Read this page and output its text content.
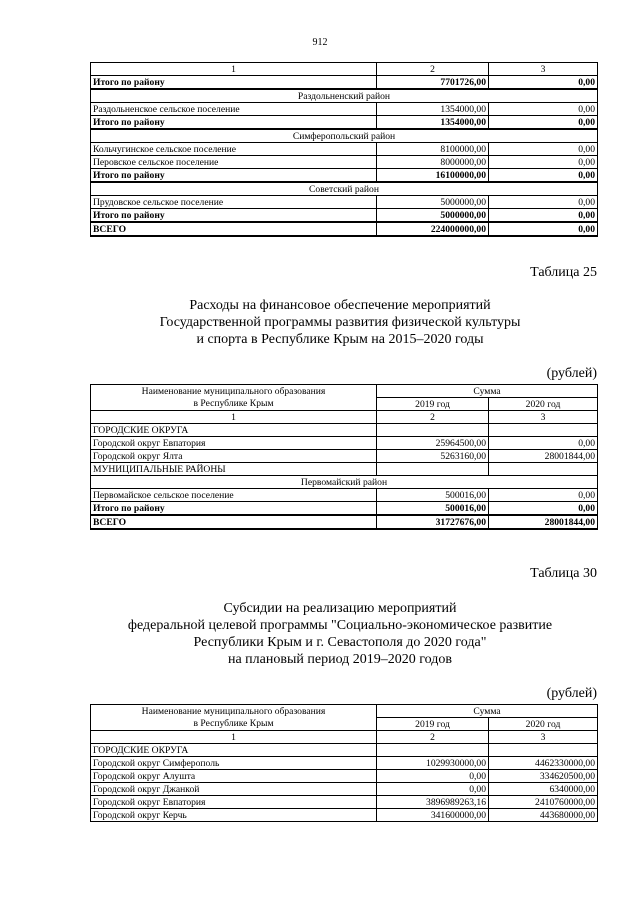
912
1	2	3
Итого по району	7701726,00	0,00
Раздольненский район		
Раздольненское сельское поселение	1354000,00	0,00
Итого по району	1354000,00	0,00
Симферопольский район		
Кольчугинское сельское поселение	8100000,00	0,00
Перовское сельское поселение	8000000,00	0,00
Итого по району	16100000,00	0,00
Советский район		
Прудовское сельское поселение	5000000,00	0,00
Итого по району	5000000,00	0,00
ВСЕГО	224000000,00	0,00
Таблица 25
Расходы на финансовое обеспечение мероприятий
Государственной программы развития физической культуры
и спорта в Республике Крым на 2015–2020 годы
(рублей)
Наименование муниципального образования
в Республике Крым	Сумма	
	2019 год	2020 год
1	2	3
ГОРОДСКИЕ ОКРУГА		
Городской округ Евпатория	25964500,00	0,00
Городской округ Ялта	5263160,00	28001844,00
МУНИЦИПАЛЬНЫЕ РАЙОНЫ		
Первомайский район		
Первомайское сельское поселение	500016,00	0,00
Итого по району	500016,00	0,00
ВСЕГО	31727676,00	28001844,00
Таблица 30
Субсидии на реализацию мероприятий
федеральной целевой программы "Социально-экономическое развитие
Республики Крым и г. Севастополя до 2020 года"
на плановый период 2019–2020 годов
(рублей)
Наименование муниципального образования
в Республике Крым	Сумма	
	2019 год	2020 год
1	2	3
ГОРОДСКИЕ ОКРУГА		
Городской округ Симферополь	1029930000,00	4462330000,00
Городской округ Алушта	0,00	334620500,00
Городской округ Джанкой	0,00	6340000,00
Городской округ Евпатория	3896989263,16	2410760000,00
Городской округ Керчь	341600000,00	443680000,00
